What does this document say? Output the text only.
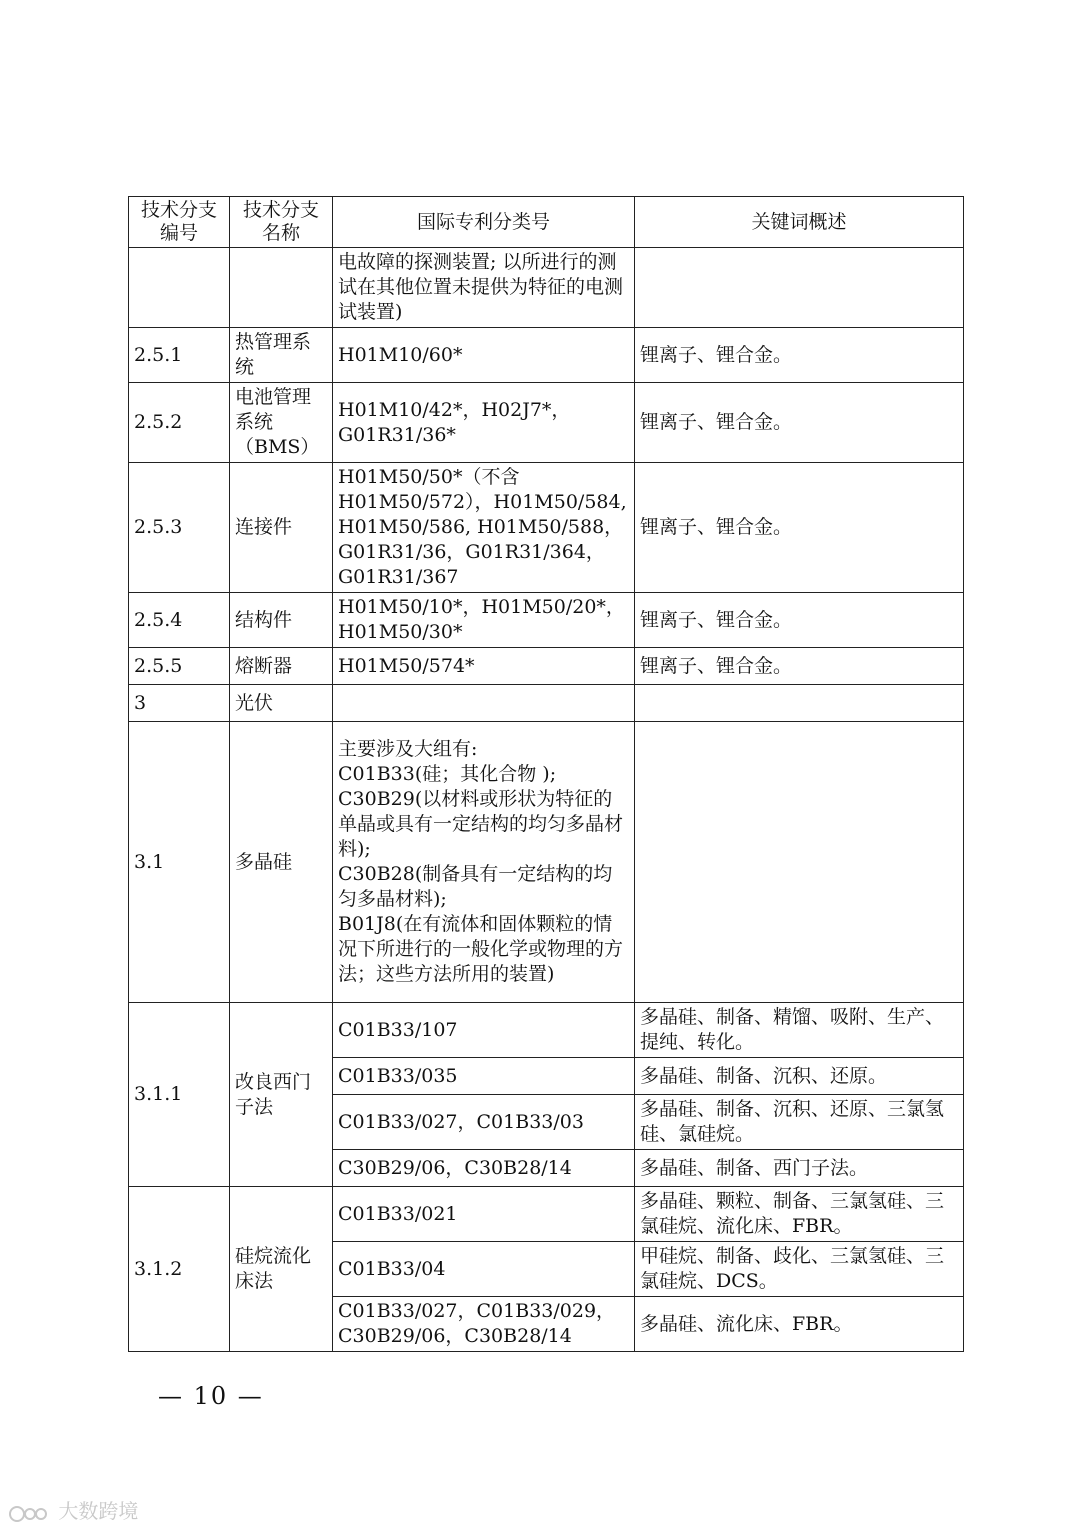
技术分支编号	技术分支名称	国际专利分类号	关键词概述
		电故障的探测装置; 以所进行的测试在其他位置未提供为特征的电测试装置)	
2.5.1	热管理系统	H01M10/60*	锂离子、锂合金。
2.5.2	电池管理系统（BMS）	H01M10/42*，H02J7*，G01R31/36*	锂离子、锂合金。
2.5.3	连接件	H01M50/50*（不含H01M50/572），H01M50/584, H01M50/586, H01M50/588，G01R31/36，G01R31/364，G01R31/367	锂离子、锂合金。
2.5.4	结构件	H01M50/10*，H01M50/20*，H01M50/30*	锂离子、锂合金。
2.5.5	熔断器	H01M50/574*	锂离子、锂合金。
3	光伏		
3.1	多晶硅	主要涉及大组有:
C01B33(硅；其化合物 );
C30B29(以材料或形状为特征的单晶或具有一定结构的均匀多晶材料);
C30B28(制备具有一定结构的均匀多晶材料);
B01J8(在有流体和固体颗粒的情况下所进行的一般化学或物理的方法；这些方法所用的装置)	
3.1.1	改良西门子法	C01B33/107	多晶硅、制备、精馏、吸附、生产、提纯、转化。
		C01B33/035	多晶硅、制备、沉积、还原。
		C01B33/027，C01B33/03	多晶硅、制备、沉积、还原、三氯氢硅、氯硅烷。
		C30B29/06，C30B28/14	多晶硅、制备、西门子法。
3.1.2	硅烷流化床法	C01B33/021	多晶硅、颗粒、制备、三氯氢硅、三氯硅烷、流化床、FBR。
		C01B33/04	甲硅烷、制备、歧化、三氯氢硅、三氯硅烷、DCS。
		C01B33/027，C01B33/029，C30B29/06，C30B28/14	多晶硅、流化床、FBR。
— 10 —
大数跨境
